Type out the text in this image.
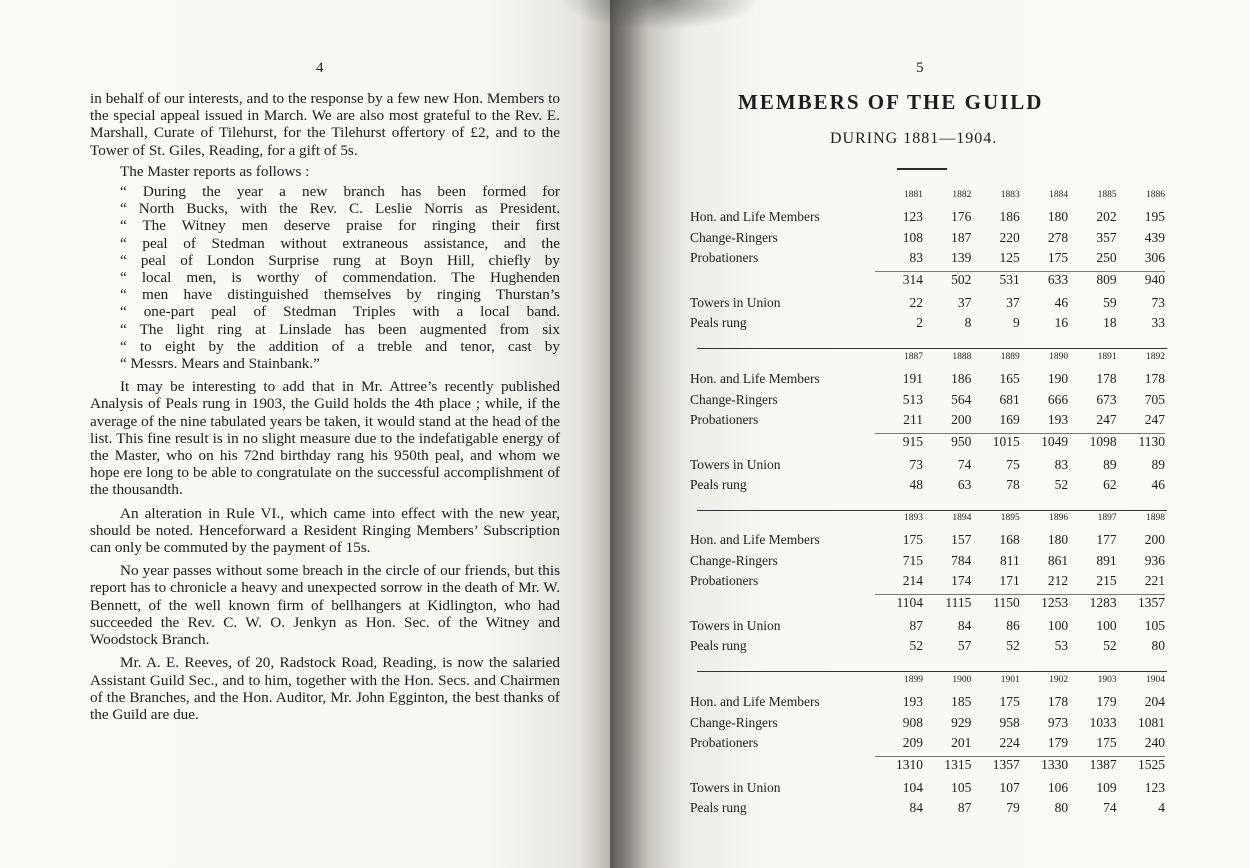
4

in behalf of our interests, and to the response by a few new Hon. Members to the special appeal issued in March. We are also most grateful to the Rev. E. Marshall, Curate of Tilehurst, for the Tilehurst offertory of £2, and to the Tower of St. Giles, Reading, for a gift of 5s.

The Master reports as follows :

“ During the year a new branch has been formed for
“ North Bucks, with the Rev. C. Leslie Norris as President.
“ The Witney men deserve praise for ringing their first
“ peal of Stedman without extraneous assistance, and the
“ peal of London Surprise rung at Boyn Hill, chiefly by
“ local men, is worthy of commendation. The Hughenden
“ men have distinguished themselves by ringing Thurstan’s
“ one-part peal of Stedman Triples with a local band.
“ The light ring at Linslade has been augmented from six
“ to eight by the addition of a treble and tenor, cast by
“ Messrs. Mears and Stainbank.”

It may be interesting to add that in Mr. Attree’s recently published Analysis of Peals rung in 1903, the Guild holds the 4th place ; while, if the average of the nine tabulated years be taken, it would stand at the head of the list. This fine result is in no slight measure due to the indefatigable energy of the Master, who on his 72nd birthday rang his 950th peal, and whom we hope ere long to be able to congratulate on the successful accomplishment of the thousandth.

An alteration in Rule VI., which came into effect with the new year, should be noted. Henceforward a Resident Ringing Members’ Subscription can only be commuted by the payment of 15s.

No year passes without some breach in the circle of our friends, but this report has to chronicle a heavy and unexpected sorrow in the death of Mr. W. Bennett, of the well known firm of bellhangers at Kidlington, who had succeeded the Rev. C. W. O. Jenkyn as Hon. Sec. of the Witney and Woodstock Branch.

Mr. A. E. Reeves, of 20, Radstock Road, Reading, is now the salaried Assistant Guild Sec., and to him, together with the Hon. Secs. and Chairmen of the Branches, and the Hon. Auditor, Mr. John Egginton, the best thanks of the Guild are due.

5
MEMBERS OF THE GUILD
DURING 1881—1904.
1881	1882	1883	1884	1885	1886
Hon. and Life Members	123	176	186	180	202	195
Change-Ringers	108	187	220	278	357	439
Probationers	83	139	125	175	250	306
314	502	531	633	809	940
Towers in Union	22	37	37	46	59	73
Peals rung	2	8	9	16	18	33
1887	1888	1889	1890	1891	1892
Hon. and Life Members	191	186	165	190	178	178
Change-Ringers	513	564	681	666	673	705
Probationers	211	200	169	193	247	247
915	950	1015	1049	1098	1130
Towers in Union	73	74	75	83	89	89
Peals rung	48	63	78	52	62	46
1893	1894	1895	1896	1897	1898
Hon. and Life Members	175	157	168	180	177	200
Change-Ringers	715	784	811	861	891	936
Probationers	214	174	171	212	215	221
1104	1115	1150	1253	1283	1357
Towers in Union	87	84	86	100	100	105
Peals rung	52	57	52	53	52	80
1899	1900	1901	1902	1903	1904
Hon. and Life Members	193	185	175	178	179	204
Change-Ringers	908	929	958	973	1033	1081
Probationers	209	201	224	179	175	240
1310	1315	1357	1330	1387	1525
Towers in Union	104	105	107	106	109	123
Peals rung	84	87	79	80	74	4
